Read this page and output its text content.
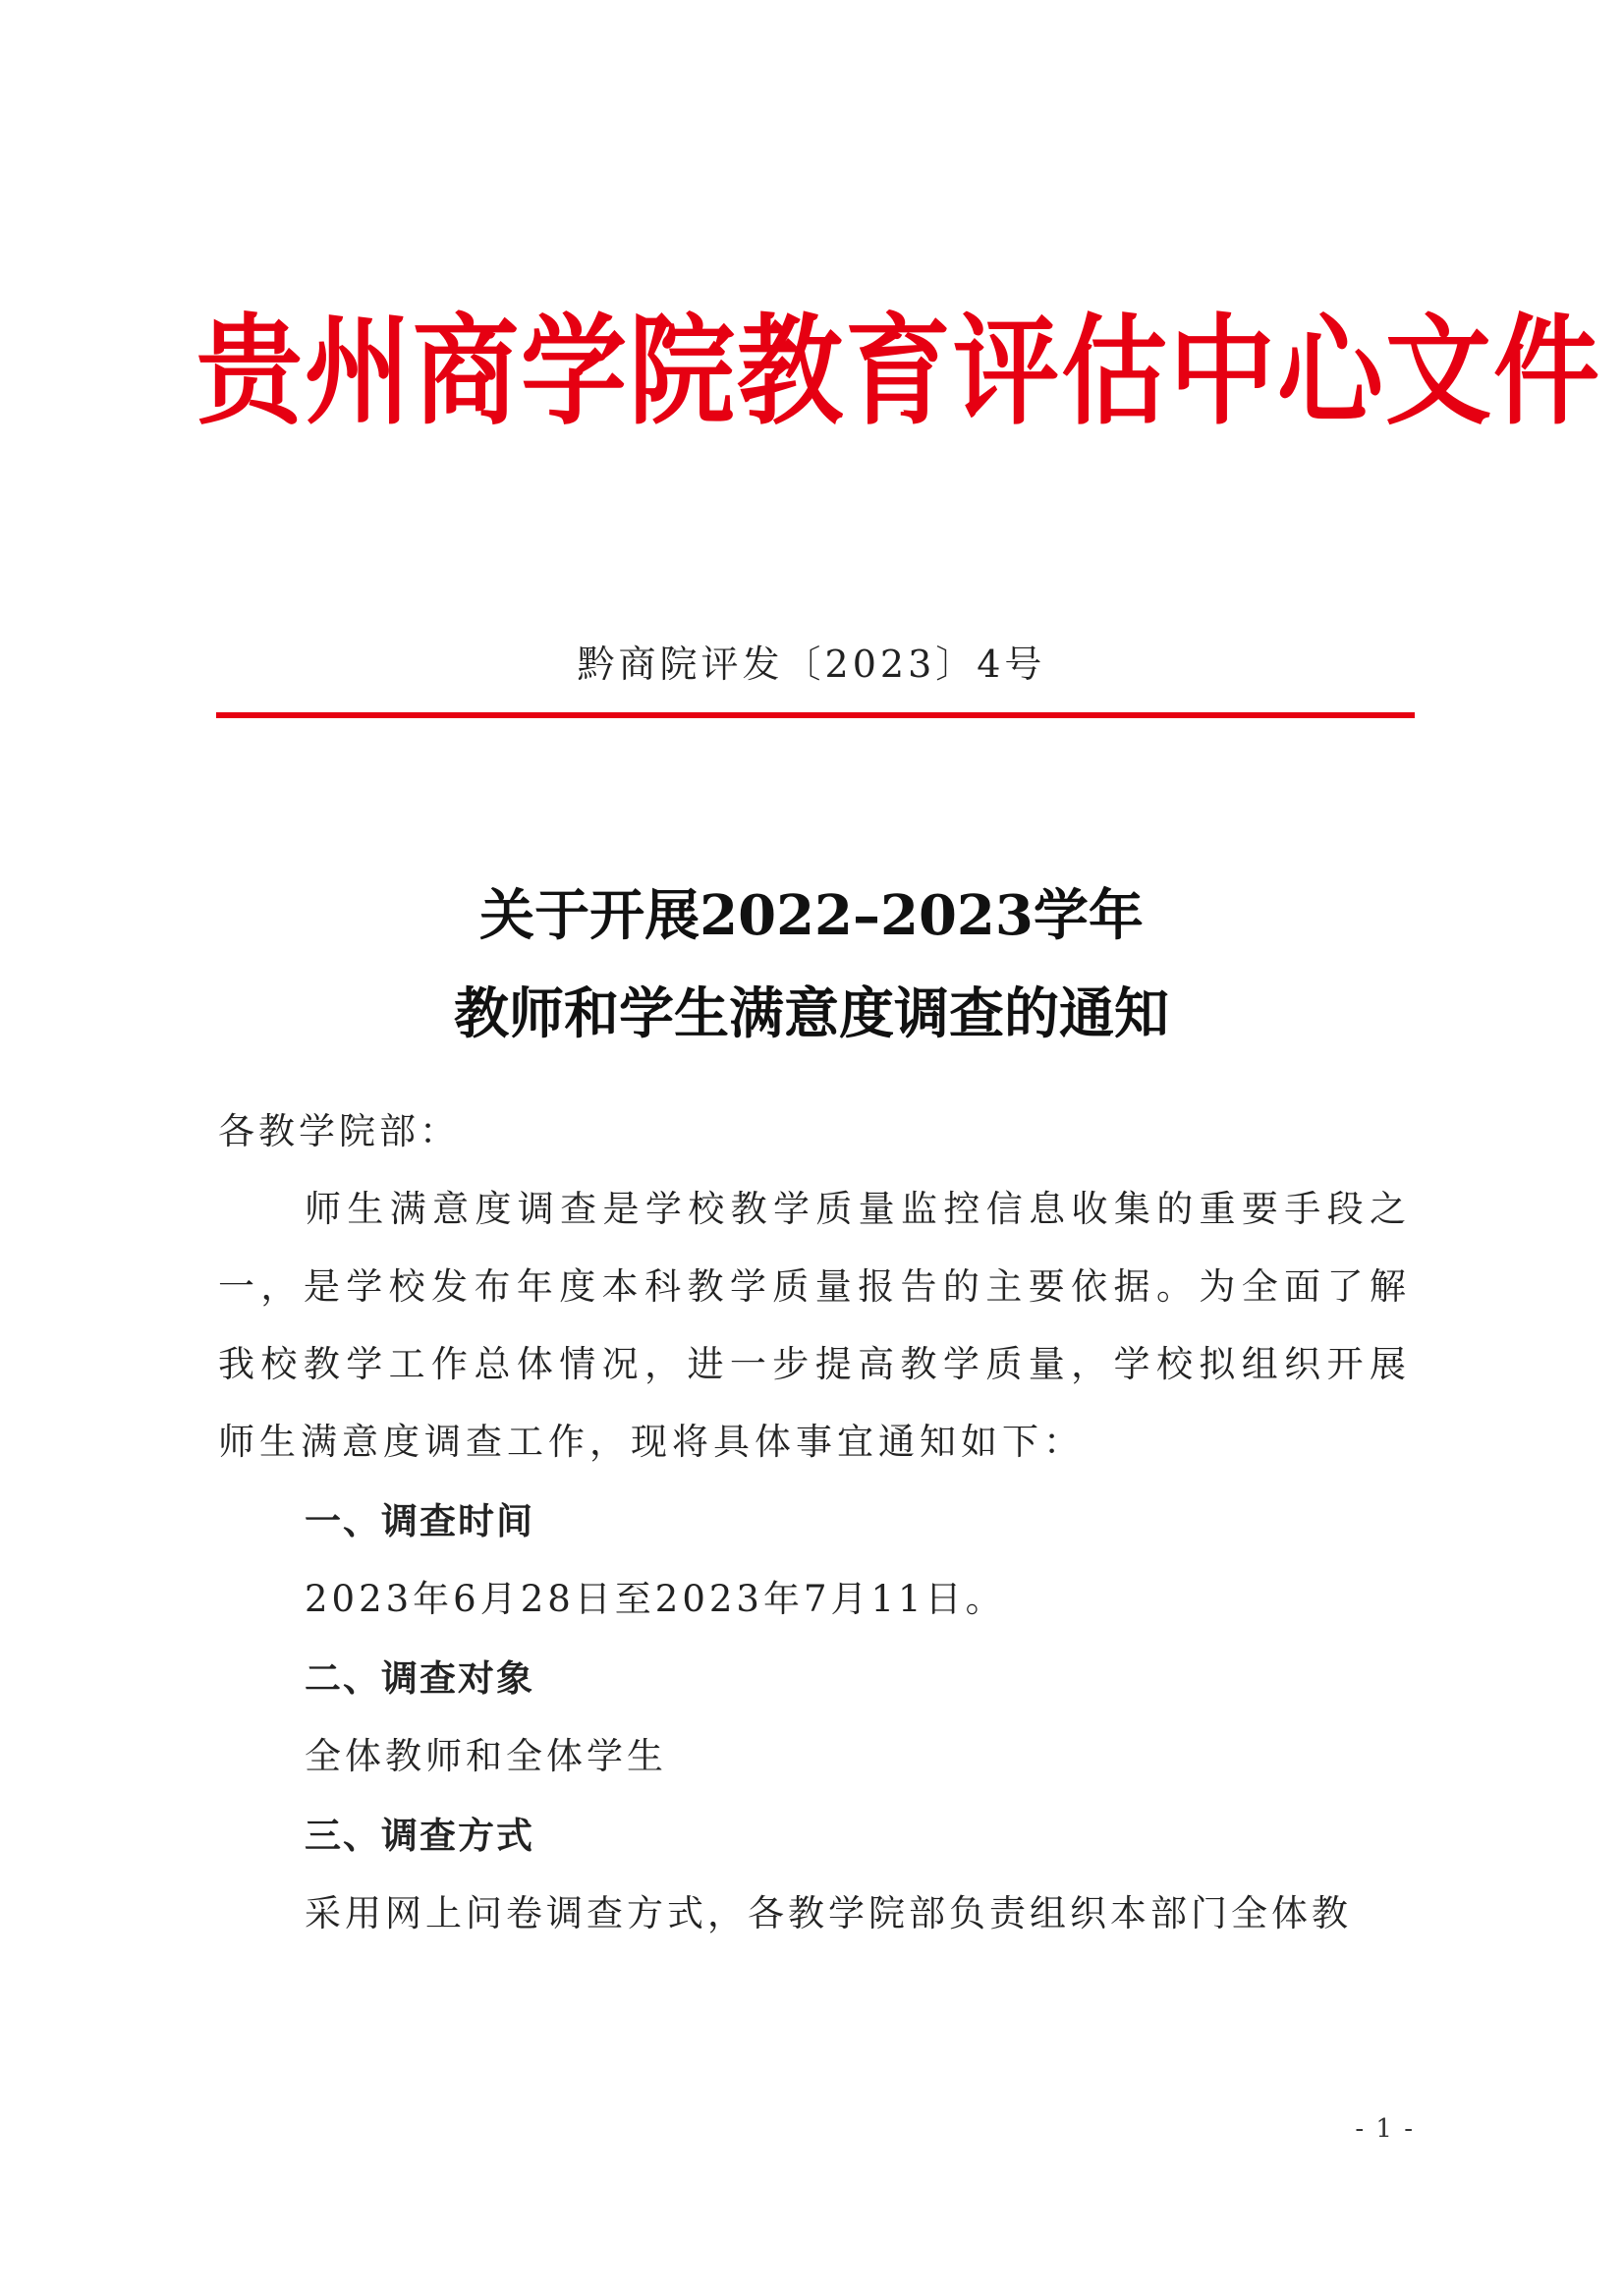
贵州商学院教育评估中心文件
黔商院评发〔2023〕4号
关于开展2022–2023学年
教师和学生满意度调查的通知

各教学院部：

师生满意度调查是学校教学质量监控信息收集的重要手段之一，是学校发布年度本科教学质量报告的主要依据。为全面了解我校教学工作总体情况，进一步提高教学质量，学校拟组织开展师生满意度调查工作，现将具体事宜通知如下：

一、调查时间

2023年6月28日至2023年7月11日。

二、调查对象

全体教师和全体学生

三、调查方式

采用网上问卷调查方式，各教学院部负责组织本部门全体教

- 1 -
